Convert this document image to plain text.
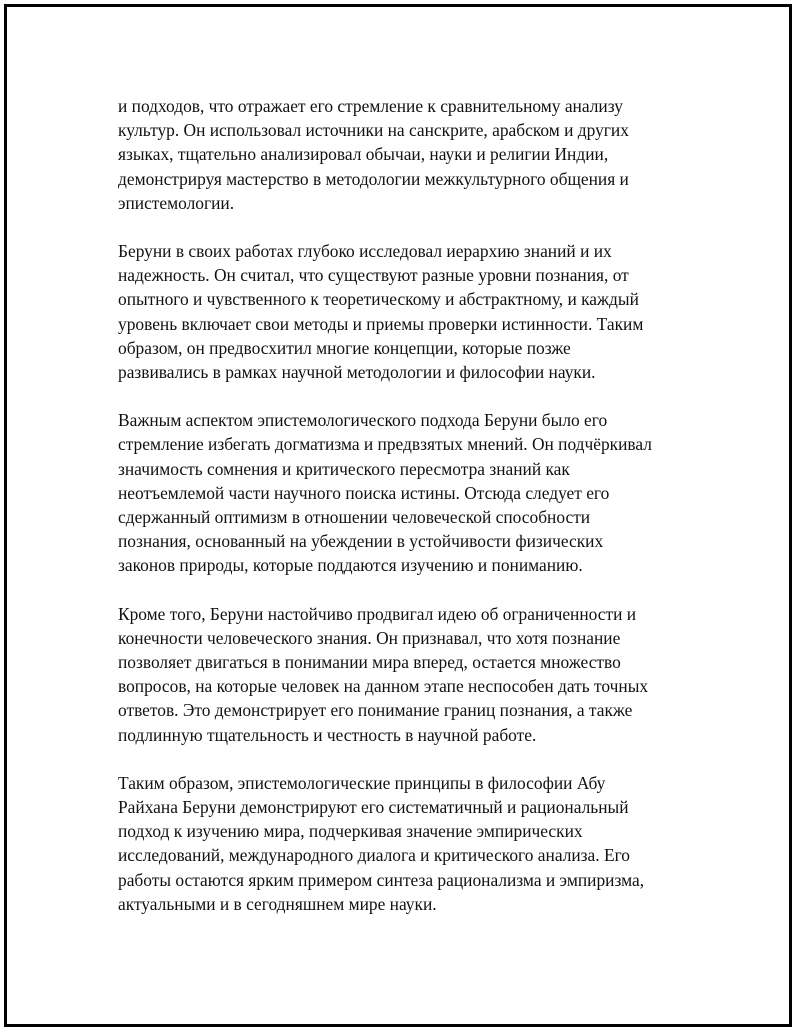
и подходов, что отражает его стремление к сравнительному анализу
культур. Он использовал источники на санскрите, арабском и других
языках, тщательно анализировал обычаи, науки и религии Индии,
демонстрируя мастерство в методологии межкультурного общения и
эпистемологии.

Беруни в своих работах глубоко исследовал иерархию знаний и их
надежность. Он считал, что существуют разные уровни познания, от
опытного и чувственного к теоретическому и абстрактному, и каждый
уровень включает свои методы и приемы проверки истинности. Таким
образом, он предвосхитил многие концепции, которые позже
развивались в рамках научной методологии и философии науки.

Важным аспектом эпистемологического подхода Беруни было его
стремление избегать догматизма и предвзятых мнений. Он подчёркивал
значимость сомнения и критического пересмотра знаний как
неотъемлемой части научного поиска истины. Отсюда следует его
сдержанный оптимизм в отношении человеческой способности
познания, основанный на убеждении в устойчивости физических
законов природы, которые поддаются изучению и пониманию.

Кроме того, Беруни настойчиво продвигал идею об ограниченности и
конечности человеческого знания. Он признавал, что хотя познание
позволяет двигаться в понимании мира вперед, остается множество
вопросов, на которые человек на данном этапе неспособен дать точных
ответов. Это демонстрирует его понимание границ познания, а также
подлинную тщательность и честность в научной работе.

Таким образом, эпистемологические принципы в философии Абу
Райхана Беруни демонстрируют его систематичный и рациональный
подход к изучению мира, подчеркивая значение эмпирических
исследований, международного диалога и критического анализа. Его
работы остаются ярким примером синтеза рационализма и эмпиризма,
актуальными и в сегодняшнем мире науки.
